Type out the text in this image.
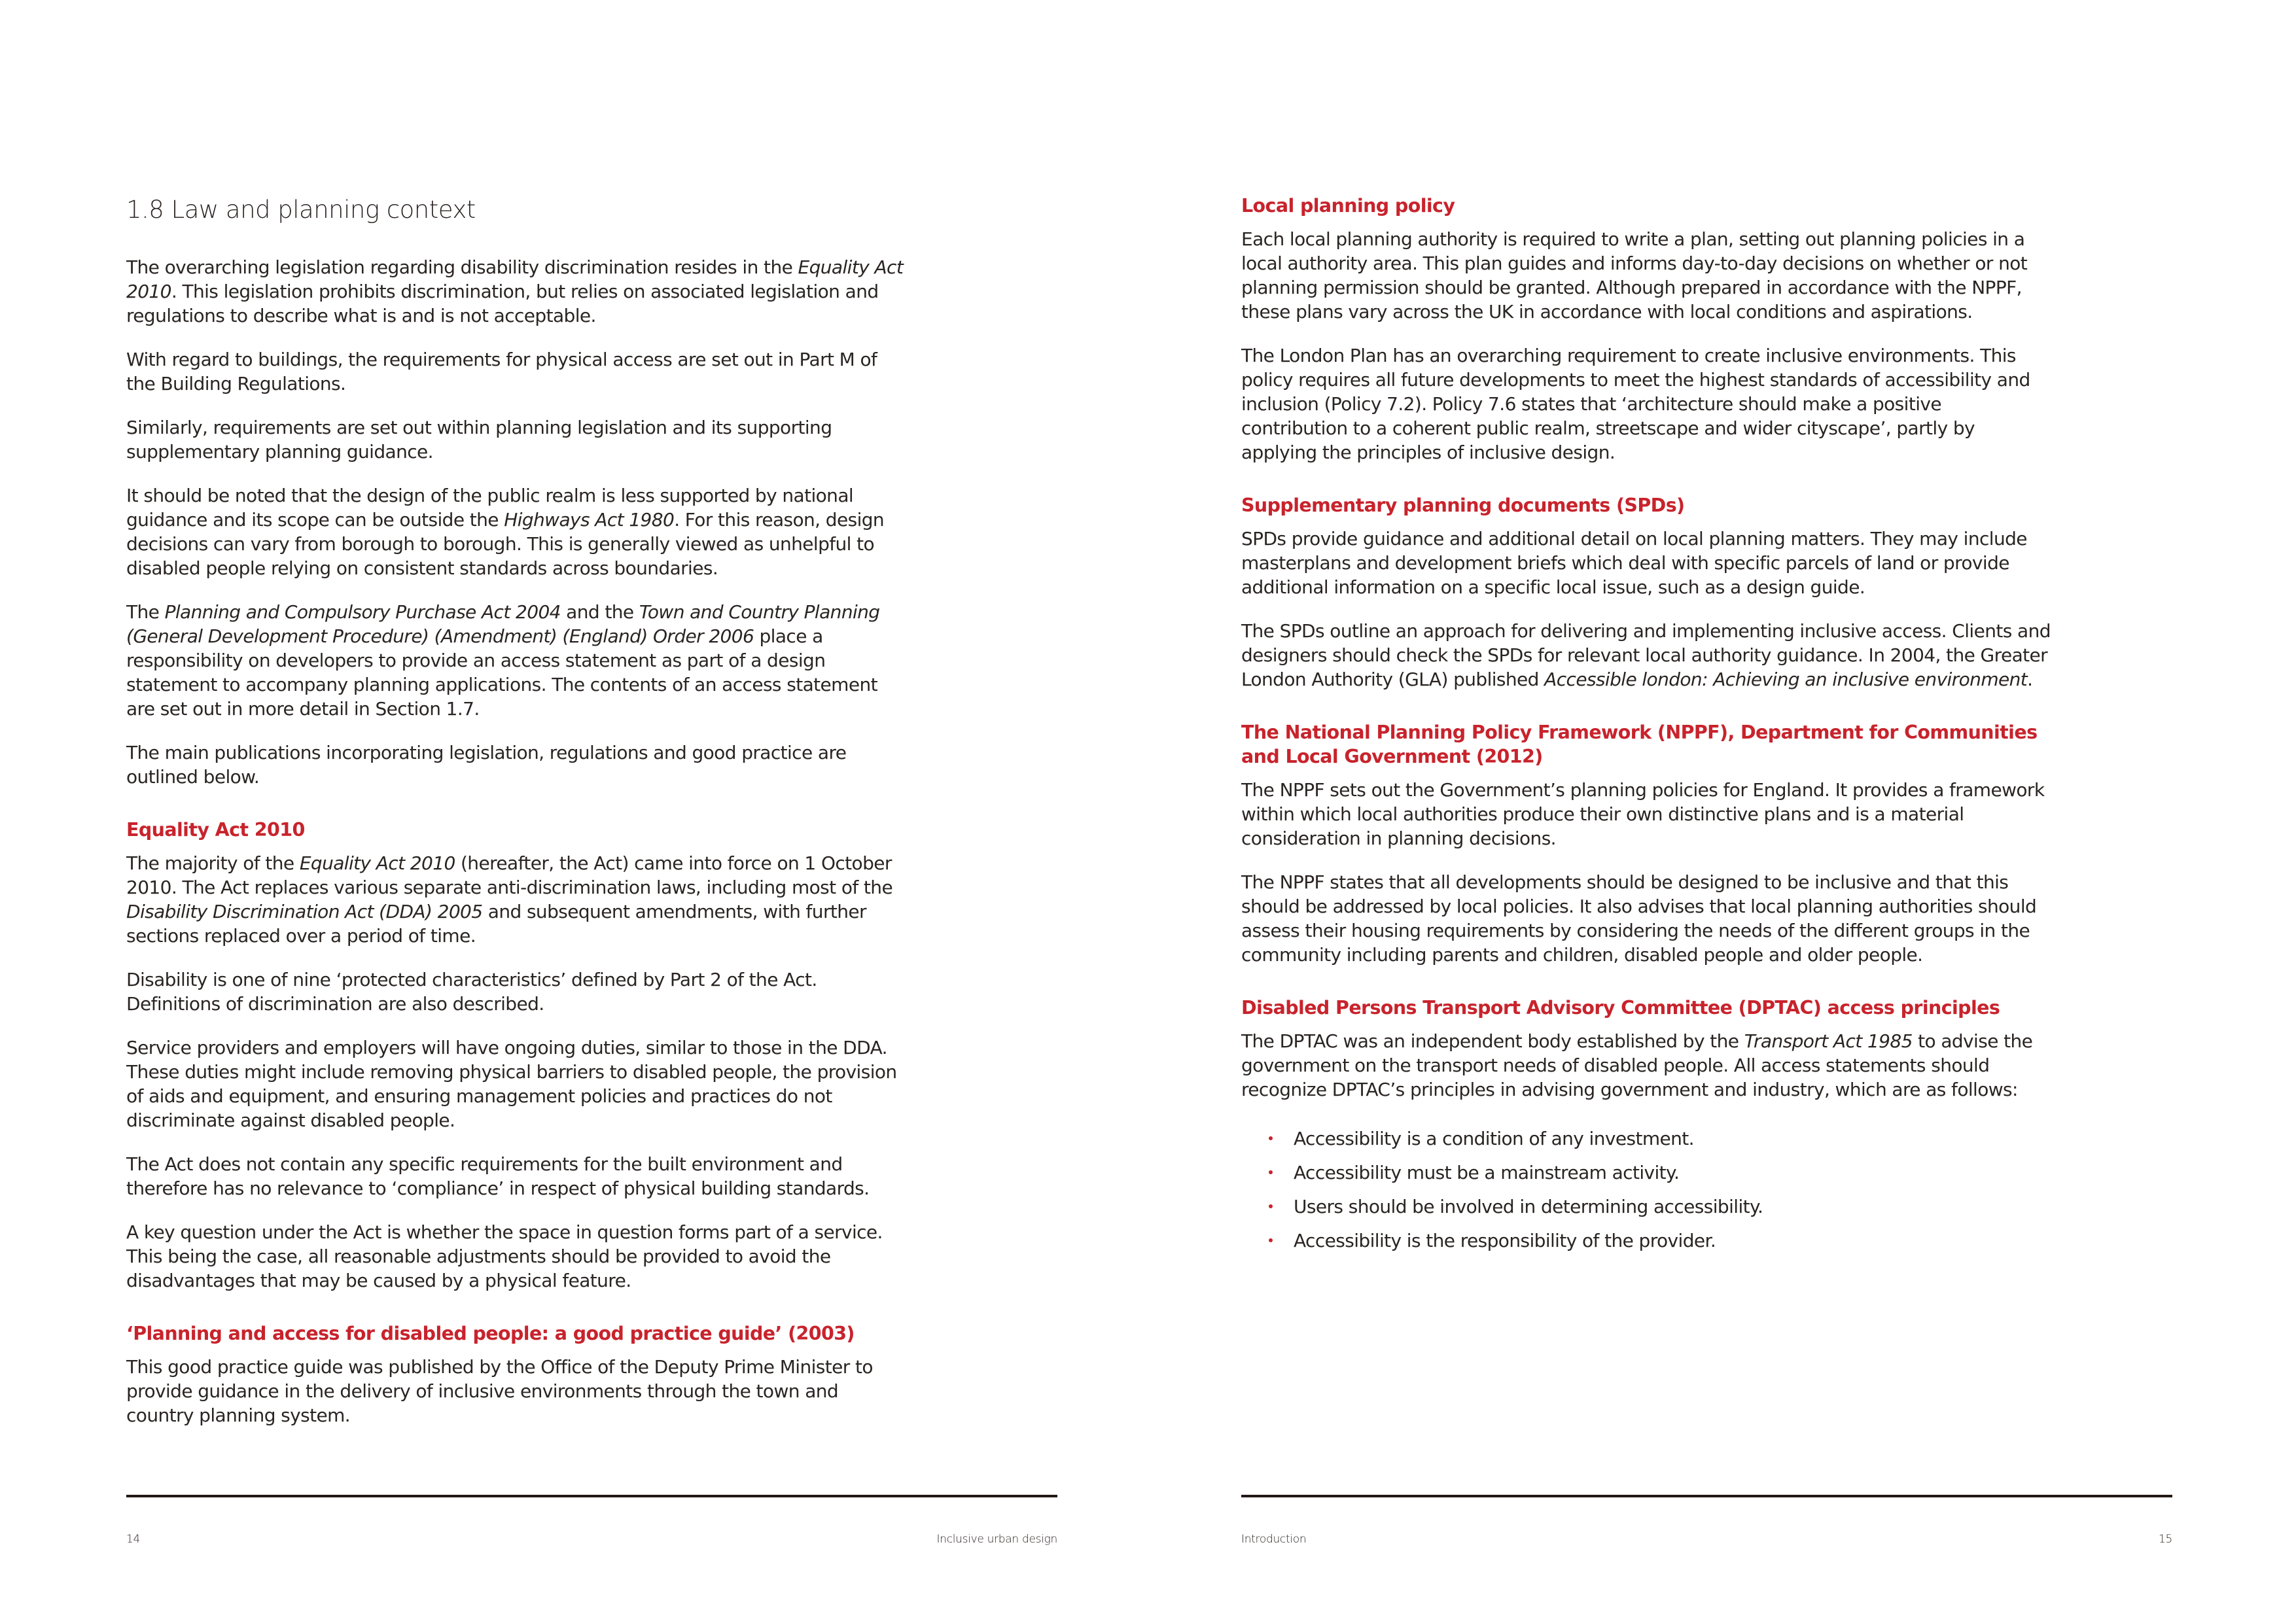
1.8 Law and planning context

The overarching legislation regarding disability discrimination resides in the Equality Act 2010. This legislation prohibits discrimination, but relies on associated legislation and regulations to describe what is and is not acceptable.

With regard to buildings, the requirements for physical access are set out in Part M of the Building Regulations.

Similarly, requirements are set out within planning legislation and its supporting supplementary planning guidance.

It should be noted that the design of the public realm is less supported by national guidance and its scope can be outside the Highways Act 1980. For this reason, design decisions can vary from borough to borough. This is generally viewed as unhelpful to disabled people relying on consistent standards across boundaries.

The Planning and Compulsory Purchase Act 2004 and the Town and Country Planning (General Development Procedure) (Amendment) (England) Order 2006 place a responsibility on developers to provide an access statement as part of a design statement to accompany planning applications. The contents of an access statement are set out in more detail in Section 1.7.

The main publications incorporating legislation, regulations and good practice are outlined below.

Equality Act 2010

The majority of the Equality Act 2010 (hereafter, the Act) came into force on 1 October 2010. The Act replaces various separate anti-discrimination laws, including most of the Disability Discrimination Act (DDA) 2005 and subsequent amendments, with further sections replaced over a period of time.

Disability is one of nine ‘protected characteristics’ defined by Part 2 of the Act. Definitions of discrimination are also described.

Service providers and employers will have ongoing duties, similar to those in the DDA. These duties might include removing physical barriers to disabled people, the provision of aids and equipment, and ensuring management policies and practices do not discriminate against disabled people.

The Act does not contain any specific requirements for the built environment and therefore has no relevance to ‘compliance’ in respect of physical building standards.

A key question under the Act is whether the space in question forms part of a service. This being the case, all reasonable adjustments should be provided to avoid the disadvantages that may be caused by a physical feature.

‘Planning and access for disabled people: a good practice guide’ (2003)

This good practice guide was published by the Office of the Deputy Prime Minister to provide guidance in the delivery of inclusive environments through the town and country planning system.

14	Inclusive urban design
Local planning policy

Each local planning authority is required to write a plan, setting out planning policies in a local authority area. This plan guides and informs day-to-day decisions on whether or not planning permission should be granted. Although prepared in accordance with the NPPF, these plans vary across the UK in accordance with local conditions and aspirations.

The London Plan has an overarching requirement to create inclusive environments. This policy requires all future developments to meet the highest standards of accessibility and inclusion (Policy 7.2). Policy 7.6 states that ‘architecture should make a positive contribution to a coherent public realm, streetscape and wider cityscape’, partly by applying the principles of inclusive design.

Supplementary planning documents (SPDs)

SPDs provide guidance and additional detail on local planning matters. They may include masterplans and development briefs which deal with specific parcels of land or provide additional information on a specific local issue, such as a design guide.

The SPDs outline an approach for delivering and implementing inclusive access. Clients and designers should check the SPDs for relevant local authority guidance. In 2004, the Greater London Authority (GLA) published Accessible london: Achieving an inclusive environment.

The National Planning Policy Framework (NPPF), Department for Communities and Local Government (2012)

The NPPF sets out the Government’s planning policies for England. It provides a framework within which local authorities produce their own distinctive plans and is a material consideration in planning decisions.

The NPPF states that all developments should be designed to be inclusive and that this should be addressed by local policies. It also advises that local planning authorities should assess their housing requirements by considering the needs of the different groups in the community including parents and children, disabled people and older people.

Disabled Persons Transport Advisory Committee (DPTAC) access principles

The DPTAC was an independent body established by the Transport Act 1985 to advise the government on the transport needs of disabled people. All access statements should recognize DPTAC’s principles in advising government and industry, which are as follows:

Accessibility is a condition of any investment.
Accessibility must be a mainstream activity.
Users should be involved in determining accessibility.
Accessibility is the responsibility of the provider.
Introduction	15
